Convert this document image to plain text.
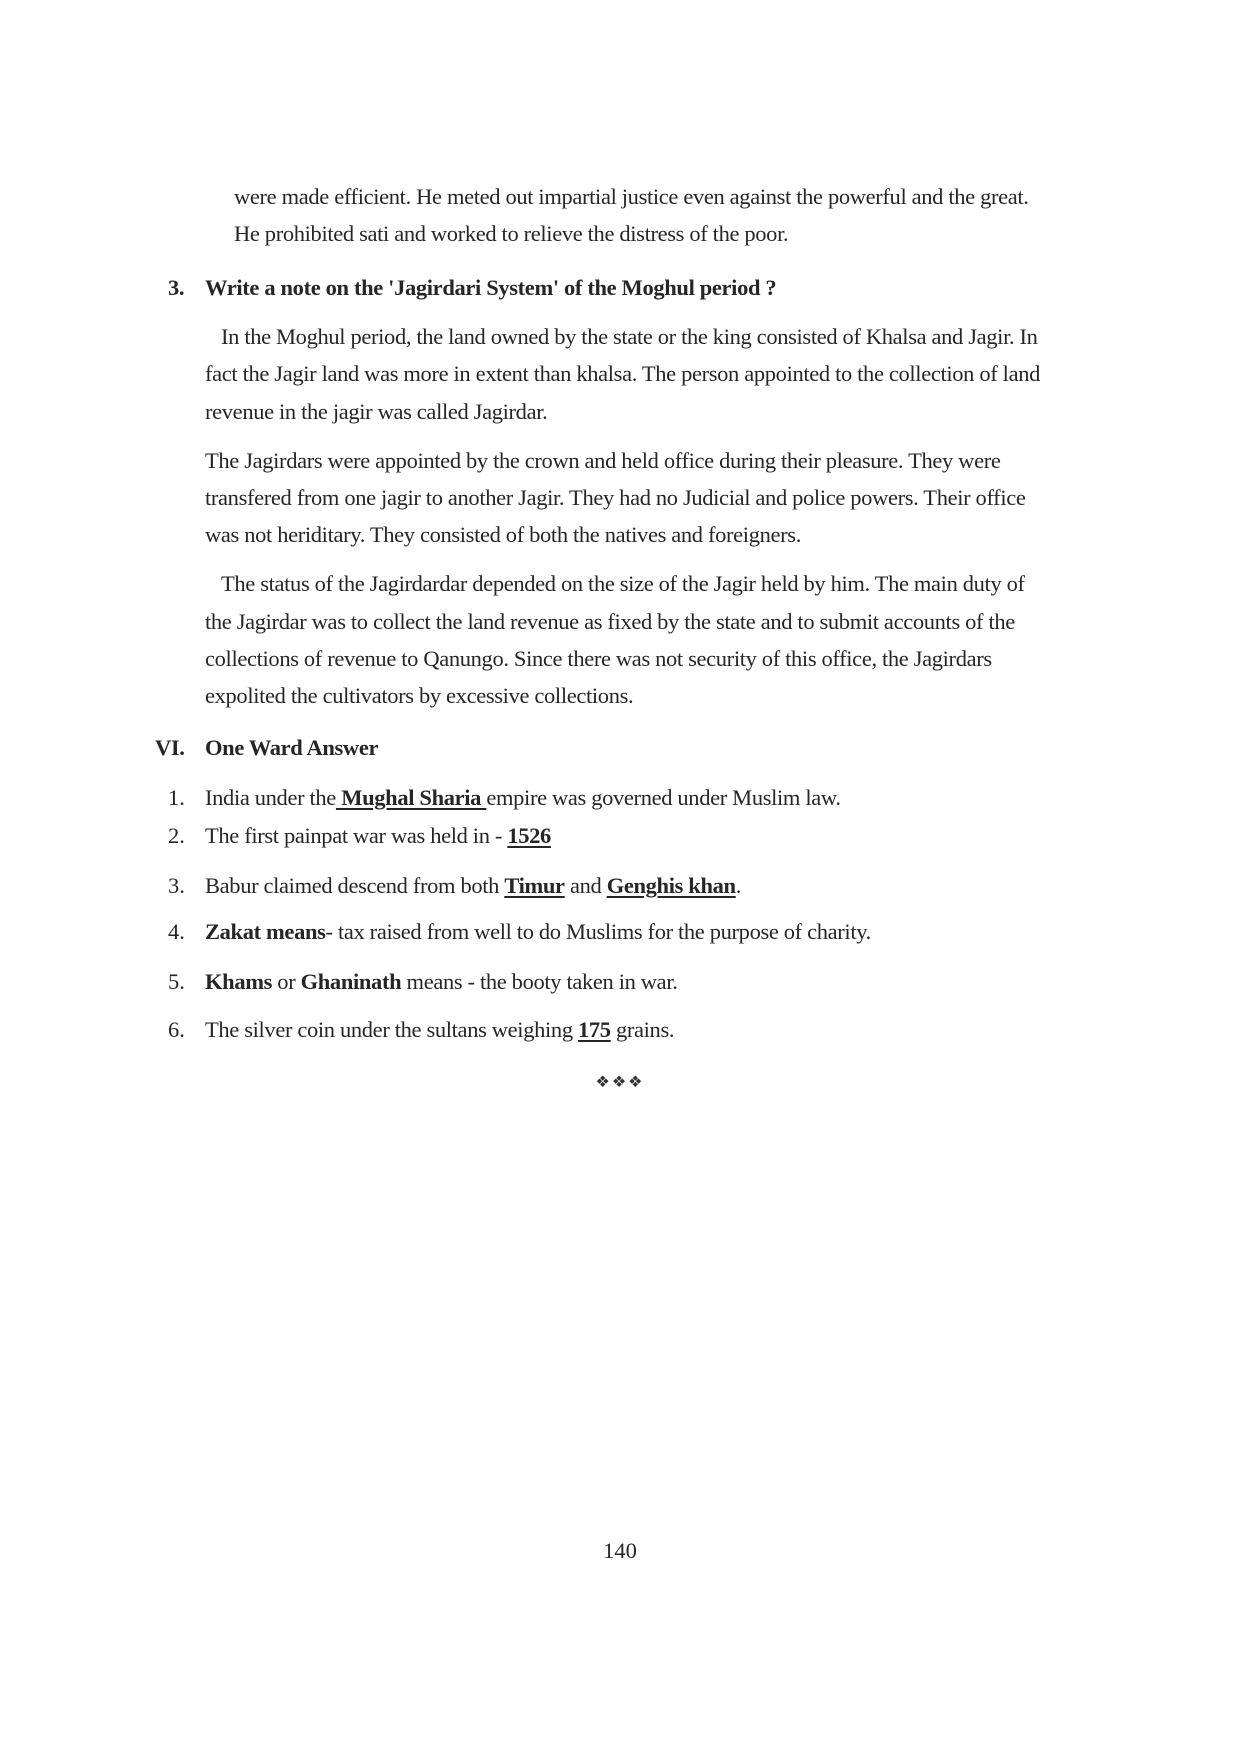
were made efficient. He meted out impartial justice even against the powerful and the great.
He prohibited sati and worked to relieve the distress of the poor.
3. Write a note on the 'Jagirdari System' of the Moghul period ?
In the Moghul period, the land owned by the state or the king consisted of Khalsa and Jagir. In
fact the Jagir land was more in extent than khalsa. The person appointed to the collection of land
revenue in the jagir was called Jagirdar.
The Jagirdars were appointed by the crown and held office during their pleasure. They were
transfered from one jagir to another Jagir. They had no Judicial and police powers. Their office
was not heriditary. They consisted of both the natives and foreigners.
The status of the Jagirdardar depended on the size of the Jagir held by him. The main duty of
the Jagirdar was to collect the land revenue as fixed by the state and to submit accounts of the
collections of revenue to Qanungo. Since there was not security of this office, the Jagirdars
expolited the cultivators by excessive collections.
VI. One Ward Answer
1. India under the Mughal Sharia empire was governed under Muslim law.
2. The first painpat war was held in - 1526
3. Babur claimed descend from both Timur and Genghis khan.
4. Zakat means- tax raised from well to do Muslims for the purpose of charity.
5. Khams or Ghaninath means - the booty taken in war.
6. The silver coin under the sultans weighing 175 grains.
❖❖❖
140
